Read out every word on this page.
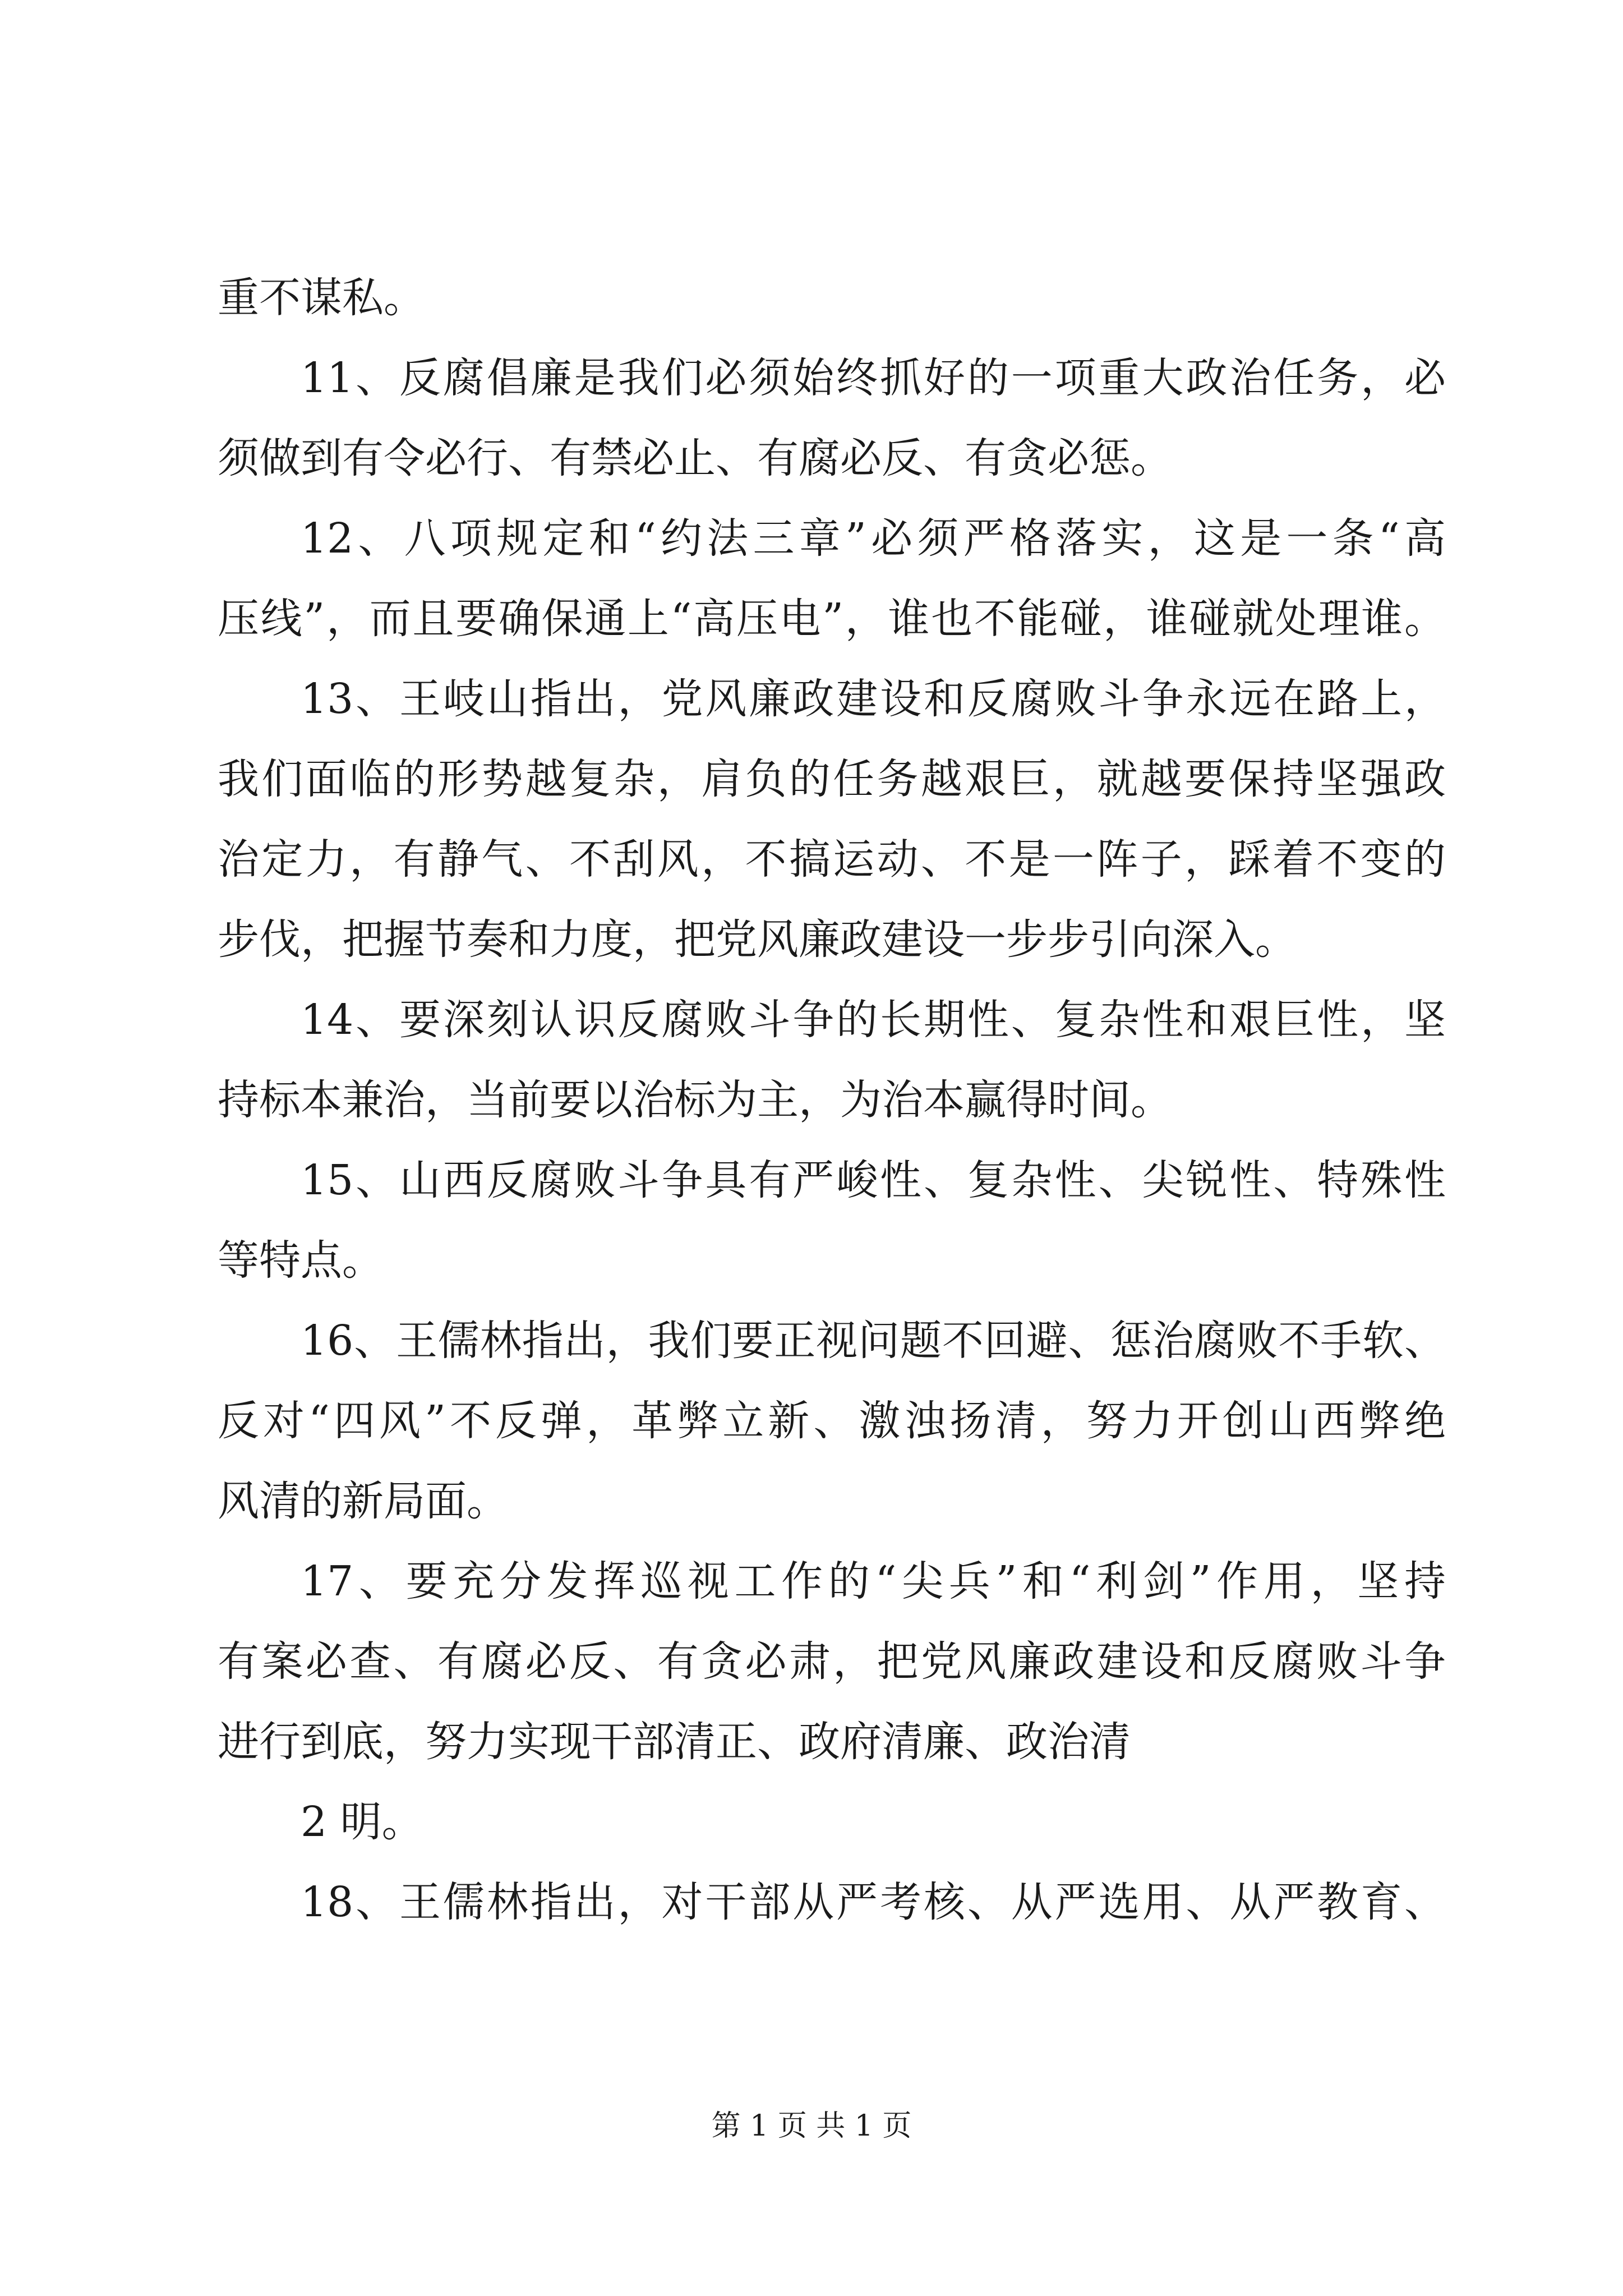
重不谋私。
11、反腐倡廉是我们必须始终抓好的一项重大政治任务，必
须做到有令必行、有禁必止、有腐必反、有贪必惩。
12、八项规定和“约法三章”必须严格落实，这是一条“高
压线”，而且要确保通上“高压电”，谁也不能碰，谁碰就处理谁。
13、王岐山指出，党风廉政建设和反腐败斗争永远在路上，
我们面临的形势越复杂，肩负的任务越艰巨，就越要保持坚强政
治定力，有静气、不刮风，不搞运动、不是一阵子，踩着不变的
步伐，把握节奏和力度，把党风廉政建设一步步引向深入。
14、要深刻认识反腐败斗争的长期性、复杂性和艰巨性，坚
持标本兼治，当前要以治标为主，为治本赢得时间。
15、山西反腐败斗争具有严峻性、复杂性、尖锐性、特殊性
等特点。
16、王儒林指出，我们要正视问题不回避、惩治腐败不手软、
反对“四风”不反弹，革弊立新、激浊扬清，努力开创山西弊绝
风清的新局面。
17、要充分发挥巡视工作的“尖兵”和“利剑”作用，坚持
有案必查、有腐必反、有贪必肃，把党风廉政建设和反腐败斗争
进行到底，努力实现干部清正、政府清廉、政治清
2 明。
18、王儒林指出，对干部从严考核、从严选用、从严教育、
第 1 页 共 1 页
